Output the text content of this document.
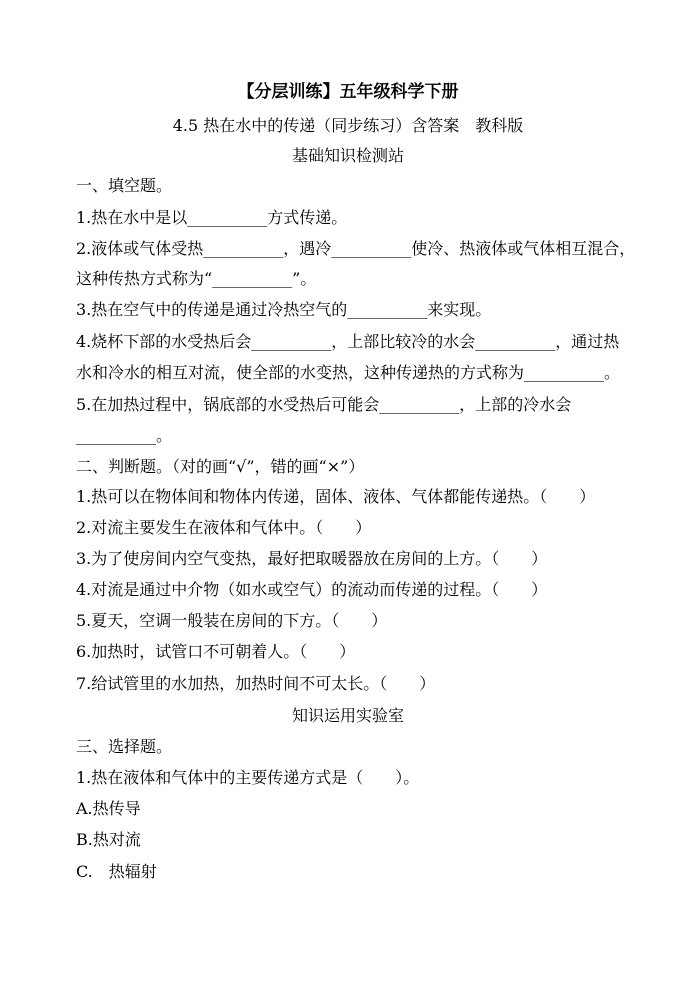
【分层训练】五年级科学下册
4.5 热在水中的传递（同步练习）含答案　教科版
基础知识检测站
一、填空题。
1.热在水中是以__________方式传递。
2.液体或气体受热__________，遇冷__________使冷、热液体或气体相互混合，
这种传热方式称为“__________”。
3.热在空气中的传递是通过冷热空气的__________来实现。
4.烧杯下部的水受热后会__________，上部比较冷的水会__________，通过热
水和冷水的相互对流，使全部的水变热，这种传递热的方式称为__________。
5.在加热过程中，锅底部的水受热后可能会__________，上部的冷水会
__________。
二、判断题。（对的画“√”，错的画“×”）
1.热可以在物体间和物体内传递，固体、液体、气体都能传递热。（　　）
2.对流主要发生在液体和气体中。（　　）
3.为了使房间内空气变热，最好把取暖器放在房间的上方。（　　）
4.对流是通过中介物（如水或空气）的流动而传递的过程。（　　）
5.夏天，空调一般装在房间的下方。（　　）
6.加热时，试管口不可朝着人。（　　）
7.给试管里的水加热，加热时间不可太长。（　　）
知识运用实验室
三、选择题。
1.热在液体和气体中的主要传递方式是（　　）。
A.热传导
B.热对流
C.　热辐射
